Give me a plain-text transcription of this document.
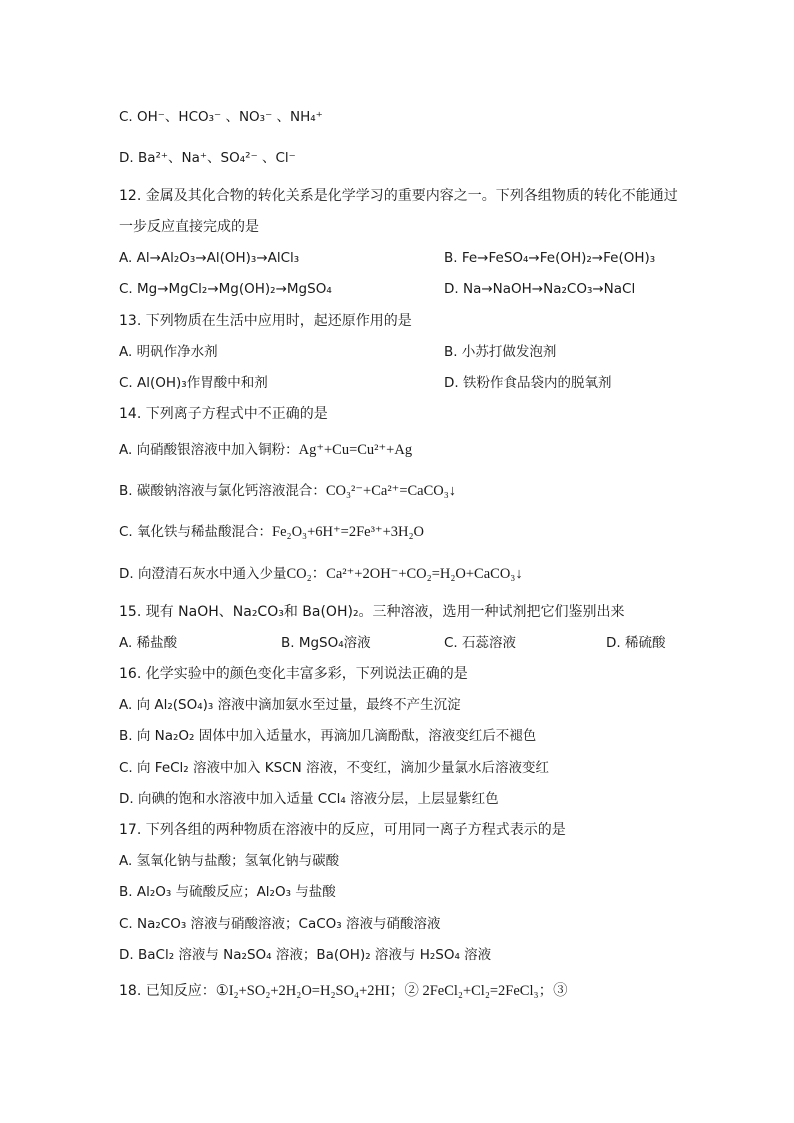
C. OH⁻、HCO₃⁻ 、NO₃⁻ 、NH₄⁺
D. Ba²⁺、Na⁺、SO₄²⁻ 、Cl⁻
12. 金属及其化合物的转化关系是化学学习的重要内容之一。下列各组物质的转化不能通过
一步反应直接完成的是
A. Al→Al₂O₃→Al(OH)₃→AlCl₃	B. Fe→FeSO₄→Fe(OH)₂→Fe(OH)₃
C. Mg→MgCl₂→Mg(OH)₂→MgSO₄	D. Na→NaOH→Na₂CO₃→NaCl
13. 下列物质在生活中应用时，起还原作用的是
A. 明矾作净水剂	B. 小苏打做发泡剂
C. Al(OH)₃作胃酸中和剂	D. 铁粉作食品袋内的脱氧剂
14. 下列离子方程式中不正确的是
A. 向硝酸银溶液中加入铜粉：Ag⁺+Cu=Cu²⁺+Ag
B. 碳酸钠溶液与氯化钙溶液混合：CO₃²⁻+Ca²⁺=CaCO₃↓
C. 氧化铁与稀盐酸混合：Fe₂O₃+6H⁺=2Fe³⁺+3H₂O
D. 向澄清石灰水中通入少量CO₂：Ca²⁺+2OH⁻+CO₂=H₂O+CaCO₃↓
15. 现有 NaOH、Na₂CO₃和 Ba(OH)₂。三种溶液，选用一种试剂把它们鉴别出来
A. 稀盐酸	B. MgSO₄溶液	C. 石蕊溶液	D. 稀硫酸
16. 化学实验中的颜色变化丰富多彩，下列说法正确的是
A. 向 Al₂(SO₄)₃ 溶液中滴加氨水至过量，最终不产生沉淀
B. 向 Na₂O₂ 固体中加入适量水，再滴加几滴酚酞，溶液变红后不褪色
C. 向 FeCl₂ 溶液中加入 KSCN 溶液，不变红，滴加少量氯水后溶液变红
D. 向碘的饱和水溶液中加入适量 CCl₄ 溶液分层，上层显紫红色
17. 下列各组的两种物质在溶液中的反应，可用同一离子方程式表示的是
A. 氢氧化钠与盐酸；氢氧化钠与碳酸
B. Al₂O₃ 与硫酸反应；Al₂O₃ 与盐酸
C. Na₂CO₃ 溶液与硝酸溶液；CaCO₃ 溶液与硝酸溶液
D. BaCl₂ 溶液与 Na₂SO₄ 溶液；Ba(OH)₂ 溶液与 H₂SO₄ 溶液
18. 已知反应：①I₂+SO₂+2H₂O=H₂SO₄+2HI；② 2FeCl₂+Cl₂=2FeCl₃；③
